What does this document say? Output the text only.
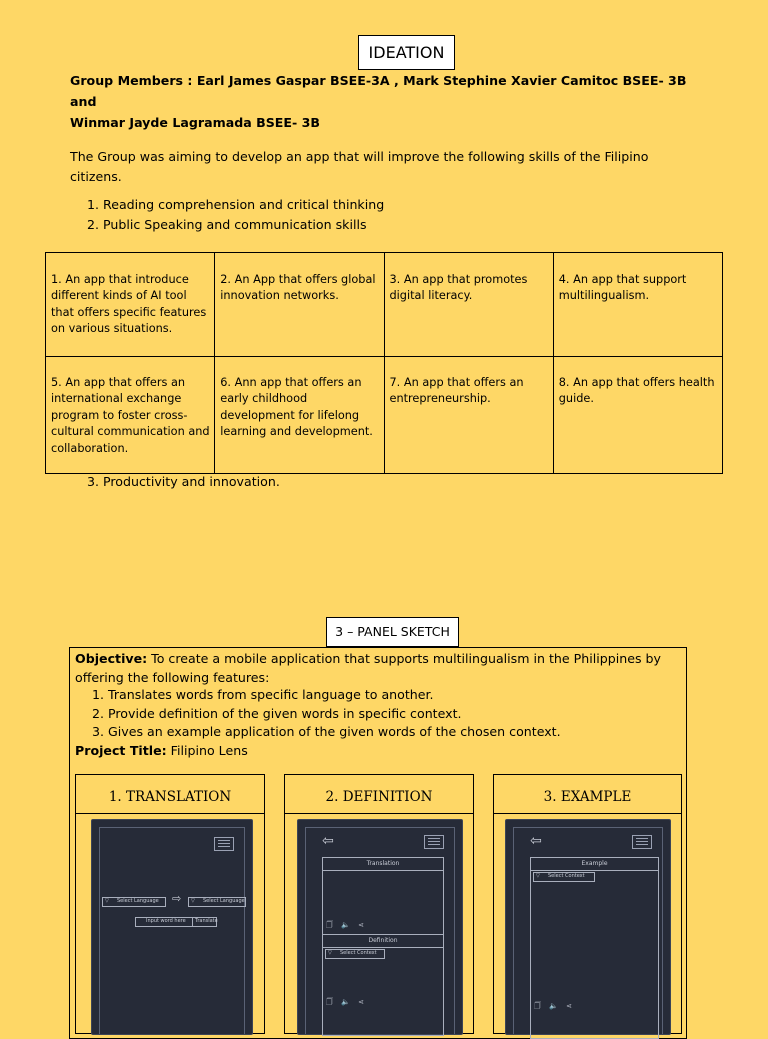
IDEATION
Group Members : Earl James Gaspar BSEE-3A , Mark Stephine Xavier Camitoc BSEE- 3B and
Winmar Jayde Lagramada BSEE- 3B
The Group was aiming to develop an app that will improve the following skills of the Filipino citizens.
1. Reading comprehension and critical thinking
2. Public Speaking and communication skills
1. An app that introduce different kinds of AI tool that offers specific features on various situations.	2. An App that offers global innovation networks.	3. An app that promotes digital literacy.	4. An app that support multilingualism.
5. An app that offers an international exchange program to foster cross-cultural communication and collaboration.	6. Ann app that offers an early childhood development for lifelong learning and development.	7. An app that offers an entrepreneurship.	8. An app that offers health guide.
3. Productivity and innovation.
3 – PANEL SKETCH
Objective: To create a mobile application that supports multilingualism in the Philippines by offering the following features:
1. Translates words from specific language to another.
2. Provide definition of the given words in specific context.
3. Gives an example application of the given words of the chosen context.
Project Title: Filipino Lens
1. TRANSLATION
▽ Select Language ⇨ ▽ Select Language
Input word here Translate
2. DEFINITION
⇦
Translation
🗍 🔈 ⋖
Definition
▽ Select Context
🗍 🔈 ⋖
3. EXAMPLE
⇦
Example
▽ Select Context
🗍 🔈 ⋖
